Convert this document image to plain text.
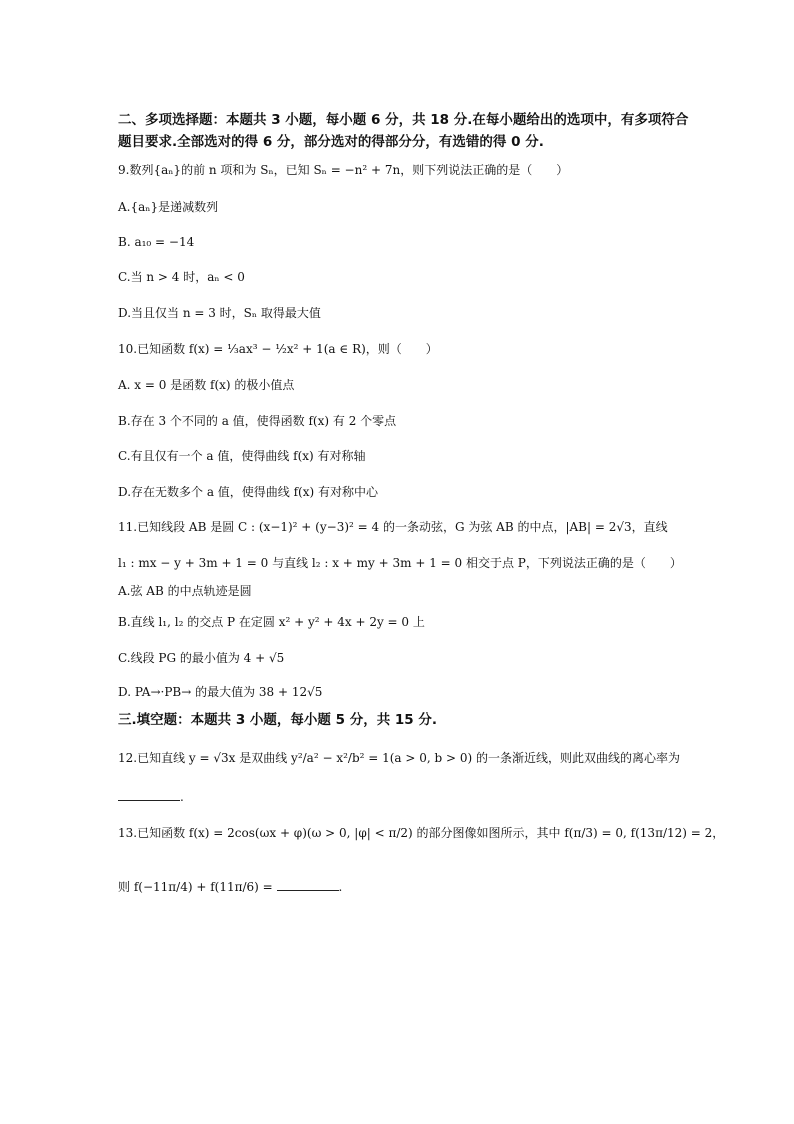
二、多项选择题：本题共 3 小题，每小题 6 分，共 18 分.在每小题给出的选项中，有多项符合
题目要求.全部选对的得 6 分，部分选对的得部分分，有选错的得 0 分.
9.数列{aₙ}的前 n 项和为 Sₙ，已知 Sₙ = −n² + 7n，则下列说法正确的是（　　）
A.{aₙ}是递减数列
B. a₁₀ = −14
C.当 n > 4 时，aₙ < 0
D.当且仅当 n = 3 时，Sₙ 取得最大值
10.已知函数 f(x) = ⅓ax³ − ½x² + 1(a ∈ R)，则（　　）
A. x = 0 是函数 f(x) 的极小值点
B.存在 3 个不同的 a 值，使得函数 f(x) 有 2 个零点
C.有且仅有一个 a 值，使得曲线 f(x) 有对称轴
D.存在无数多个 a 值，使得曲线 f(x) 有对称中心
11.已知线段 AB 是圆 C : (x−1)² + (y−3)² = 4 的一条动弦，G 为弦 AB 的中点，|AB| = 2√3，直线
l₁ : mx − y + 3m + 1 = 0 与直线 l₂ : x + my + 3m + 1 = 0 相交于点 P，下列说法正确的是（　　）
A.弦 AB 的中点轨迹是圆
B.直线 l₁, l₂ 的交点 P 在定圆 x² + y² + 4x + 2y = 0 上
C.线段 PG 的最小值为 4 + √5
D. PA→·PB→ 的最大值为 38 + 12√5
三.填空题：本题共 3 小题，每小题 5 分，共 15 分.
12.已知直线 y = √3x 是双曲线 y²/a² − x²/b² = 1(a > 0, b > 0) 的一条渐近线，则此双曲线的离心率为
.
13.已知函数 f(x) = 2cos(ωx + φ)(ω > 0, |φ| < π/2) 的部分图像如图所示，其中 f(π/3) = 0, f(13π/12) = 2，
则 f(−11π/4) + f(11π/6) =	.
